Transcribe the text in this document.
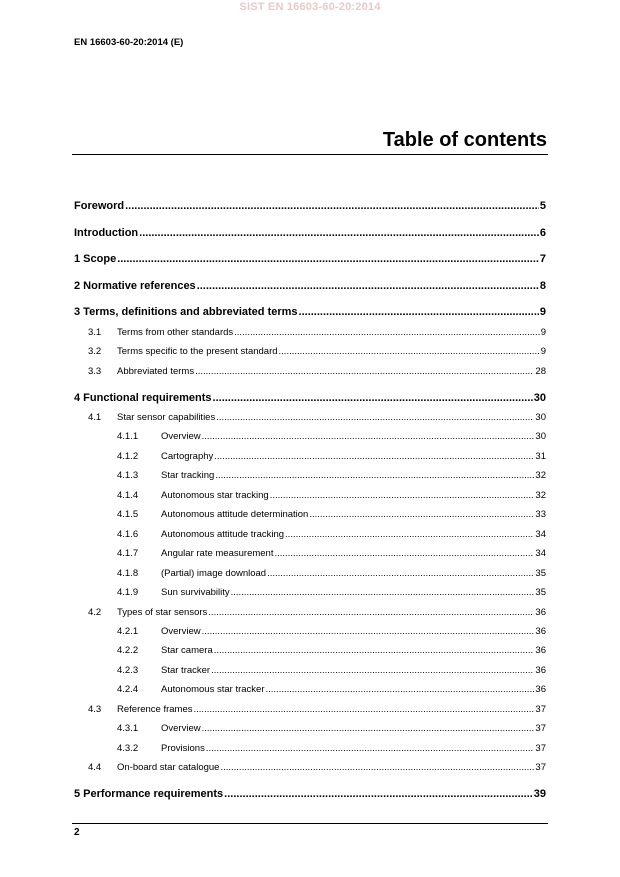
SIST EN 16603-60-20:2014
EN 16603-60-20:2014 (E)
Table of contents
Foreword .....	5
Introduction .....	6
1 Scope .....	7
2 Normative references .....	8
3 Terms, definitions and abbreviated terms .....	9
3.1	Terms from other standards .....	9
3.2	Terms specific to the present standard .....	9
3.3	Abbreviated terms .....	28
4 Functional requirements .....	30
4.1	Star sensor capabilities .....	30
4.1.1	Overview .....	30
4.1.2	Cartography .....	31
4.1.3	Star tracking .....	32
4.1.4	Autonomous star tracking .....	32
4.1.5	Autonomous attitude determination .....	33
4.1.6	Autonomous attitude tracking .....	34
4.1.7	Angular rate measurement .....	34
4.1.8	(Partial) image download .....	35
4.1.9	Sun survivability .....	35
4.2	Types of star sensors .....	36
4.2.1	Overview .....	36
4.2.2	Star camera .....	36
4.2.3	Star tracker .....	36
4.2.4	Autonomous star tracker .....	36
4.3	Reference frames .....	37
4.3.1	Overview .....	37
4.3.2	Provisions .....	37
4.4	On-board star catalogue .....	37
5 Performance requirements .....	39
2
